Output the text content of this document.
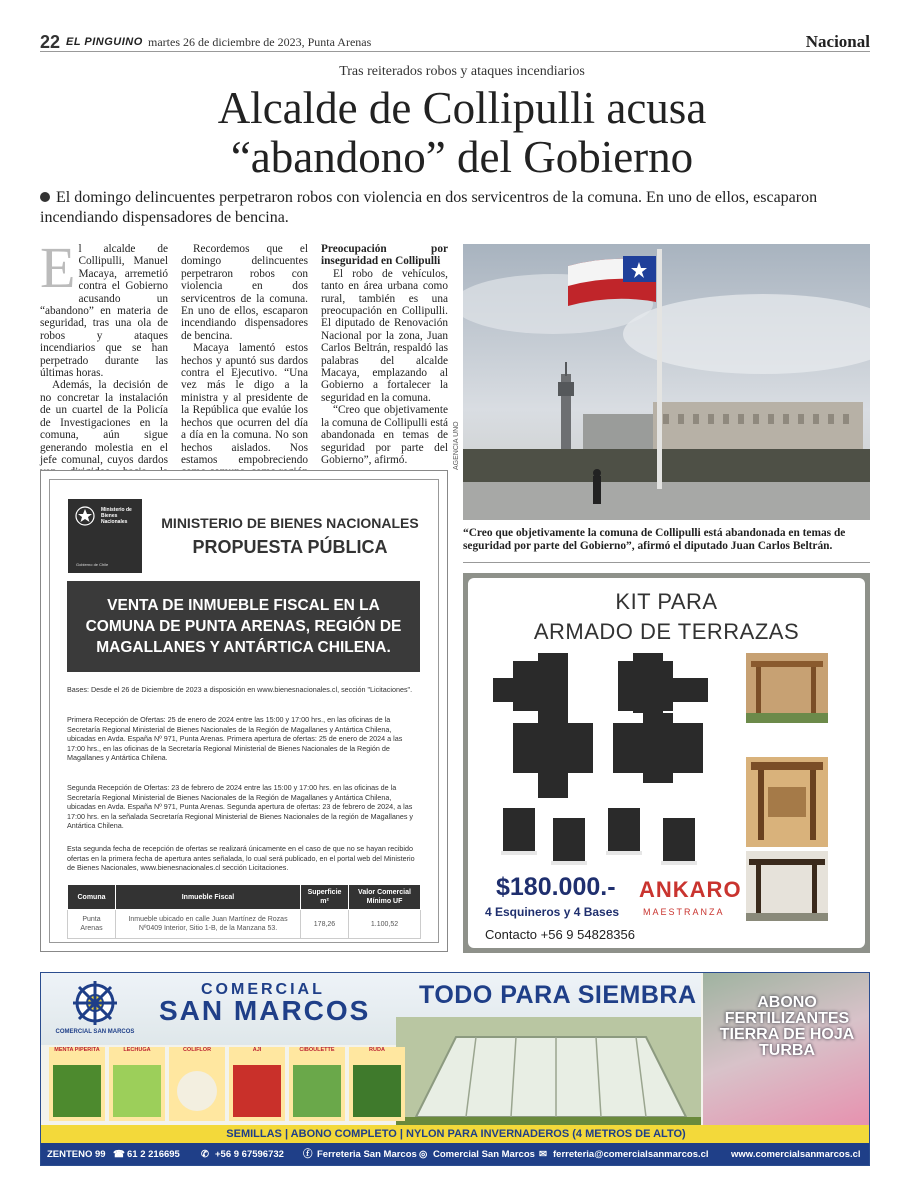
22 EL PINGUINO martes 26 de diciembre de 2023, Punta Arenas	Nacional
Tras reiterados robos y ataques incendiarios
Alcalde de Collipulli acusa
“abandono” del Gobierno
El domingo delincuentes perpetraron robos con violencia en dos servicentros de la comuna. En uno de ellos, escaparon incendiando dispensadores de bencina.

El alcalde de Collipulli, Manuel Macaya, arremetió contra el Gobierno acusando un “abandono” en materia de seguridad, tras una ola de robos y ataques incendiarios que se han perpetrado durante las últimas horas.

Además, la decisión de no concretar la instalación de un cuartel de la Policía de Investigaciones en la comuna, aún sigue generando molestia en el jefe comunal, cuyos dardos

Recordemos que el domingo delincuentes perpetraron robos con violencia en dos servicentros de la comuna. En uno de ellos, escaparon incendiando dispensadores de bencina.

Macaya lamentó estos hechos y apuntó sus dardos contra el Ejecutivo. “Una vez más le digo a la ministra y al presidente de la República que evalúe los hechos que ocurren del día a día en la comuna. No son hechos aislados. Nos estamos empobreciendo

Preocupación por inseguridad en Collipulli

El robo de vehículos, tanto en área urbana como rural, también es una preocupación en Collipulli. El diputado de Renovación Nacional por la zona, Juan Carlos Beltrán, respaldó las palabras del alcalde Macaya, emplazando al Gobierno a fortalecer la seguridad en la comuna.

“Creo que objetivamente la comuna de Collipulli está abandonada en temas de seguridad por parte del Gobierno”, afirmó.	AGENCIA UNO
“Creo que objetivamente la comuna de Collipulli está abandonada en temas de seguridad por parte del Gobierno”, afirmó el diputado Juan Carlos Beltrán.
Ministerio de Bienes Nacionales
Gobierno de Chile
MINISTERIO DE BIENES NACIONALES
PROPUESTA PÚBLICA
VENTA DE INMUEBLE FISCAL EN LA
COMUNA DE PUNTA ARENAS, REGIÓN DE
MAGALLANES Y ANTÁRTICA CHILENA.
Bases: Desde el 26 de Diciembre de 2023 a disposición en www.bienesnacionales.cl, sección "Licitaciones".
Primera Recepción de Ofertas: 25 de enero de 2024 entre las 15:00 y 17:00 hrs., en las oficinas de la Secretaría Regional Ministerial de Bienes Nacionales de la Región de Magallanes y Antártica Chilena, ubicadas en Avda. España Nº 971, Punta Arenas. Primera apertura de ofertas: 25 de enero de 2024 a las 17:00 hrs., en las oficinas de la Secretaría Regional Ministerial de Bienes Nacionales de la Región de Magallanes y Antártica Chilena.
Segunda Recepción de Ofertas: 23 de febrero de 2024 entre las 15:00 y 17:00 hrs. en las oficinas de la Secretaría Regional Ministerial de Bienes Nacionales de la Región de Magallanes y Antártica Chilena, ubicadas en Avda. España Nº 971, Punta Arenas. Segunda apertura de ofertas: 23 de febrero de 2024, a las 17:00 hrs. en la señalada Secretaría Regional Ministerial de Bienes Nacionales de la región de Magallanes y Antártica Chilena.
Esta segunda fecha de recepción de ofertas se realizará únicamente en el caso de que no se hayan recibido ofertas en la primera fecha de apertura antes señalada, lo cual será publicado, en el portal web del Ministerio de Bienes Nacionales, www.bienesnacionales.cl sección Licitaciones.
Comuna	Inmueble Fiscal	Superficie m²	Valor Comercial Mínimo UF
Punta Arenas	Inmueble ubicado en calle Juan Martínez de Rozas Nº0409 Interior, Sitio 1-B, de la Manzana 53.	178,26	1.100,52
KIT PARA
ARMADO DE TERRAZAS
$180.000.-
4 Esquineros y 4 Bases
ANKARO
MAESTRANZA
Contacto +56 9 54828356
COMERCIAL SAN MARCOS
COMERCIAL
SAN MARCOS TODO PARA SIEMBRA
MENTA PIPERITA	LECHUGA	COLIFLOR	AJI	CIBOULETTE	RUDA
ABONO
FERTILIZANTES
TIERRA DE HOJA
TURBA
SEMILLAS | ABONO COMPLETO | NYLON PARA INVERNADEROS (4 METROS DE ALTO)
ZENTENO 99 ☎ 61 2 216695 ✆ +56 9 67596732 ⓕ Ferreteria San Marcos ◎ Comercial San Marcos ✉ ferreteria@comercialsanmarcos.cl www.comercialsanmarcos.cl
